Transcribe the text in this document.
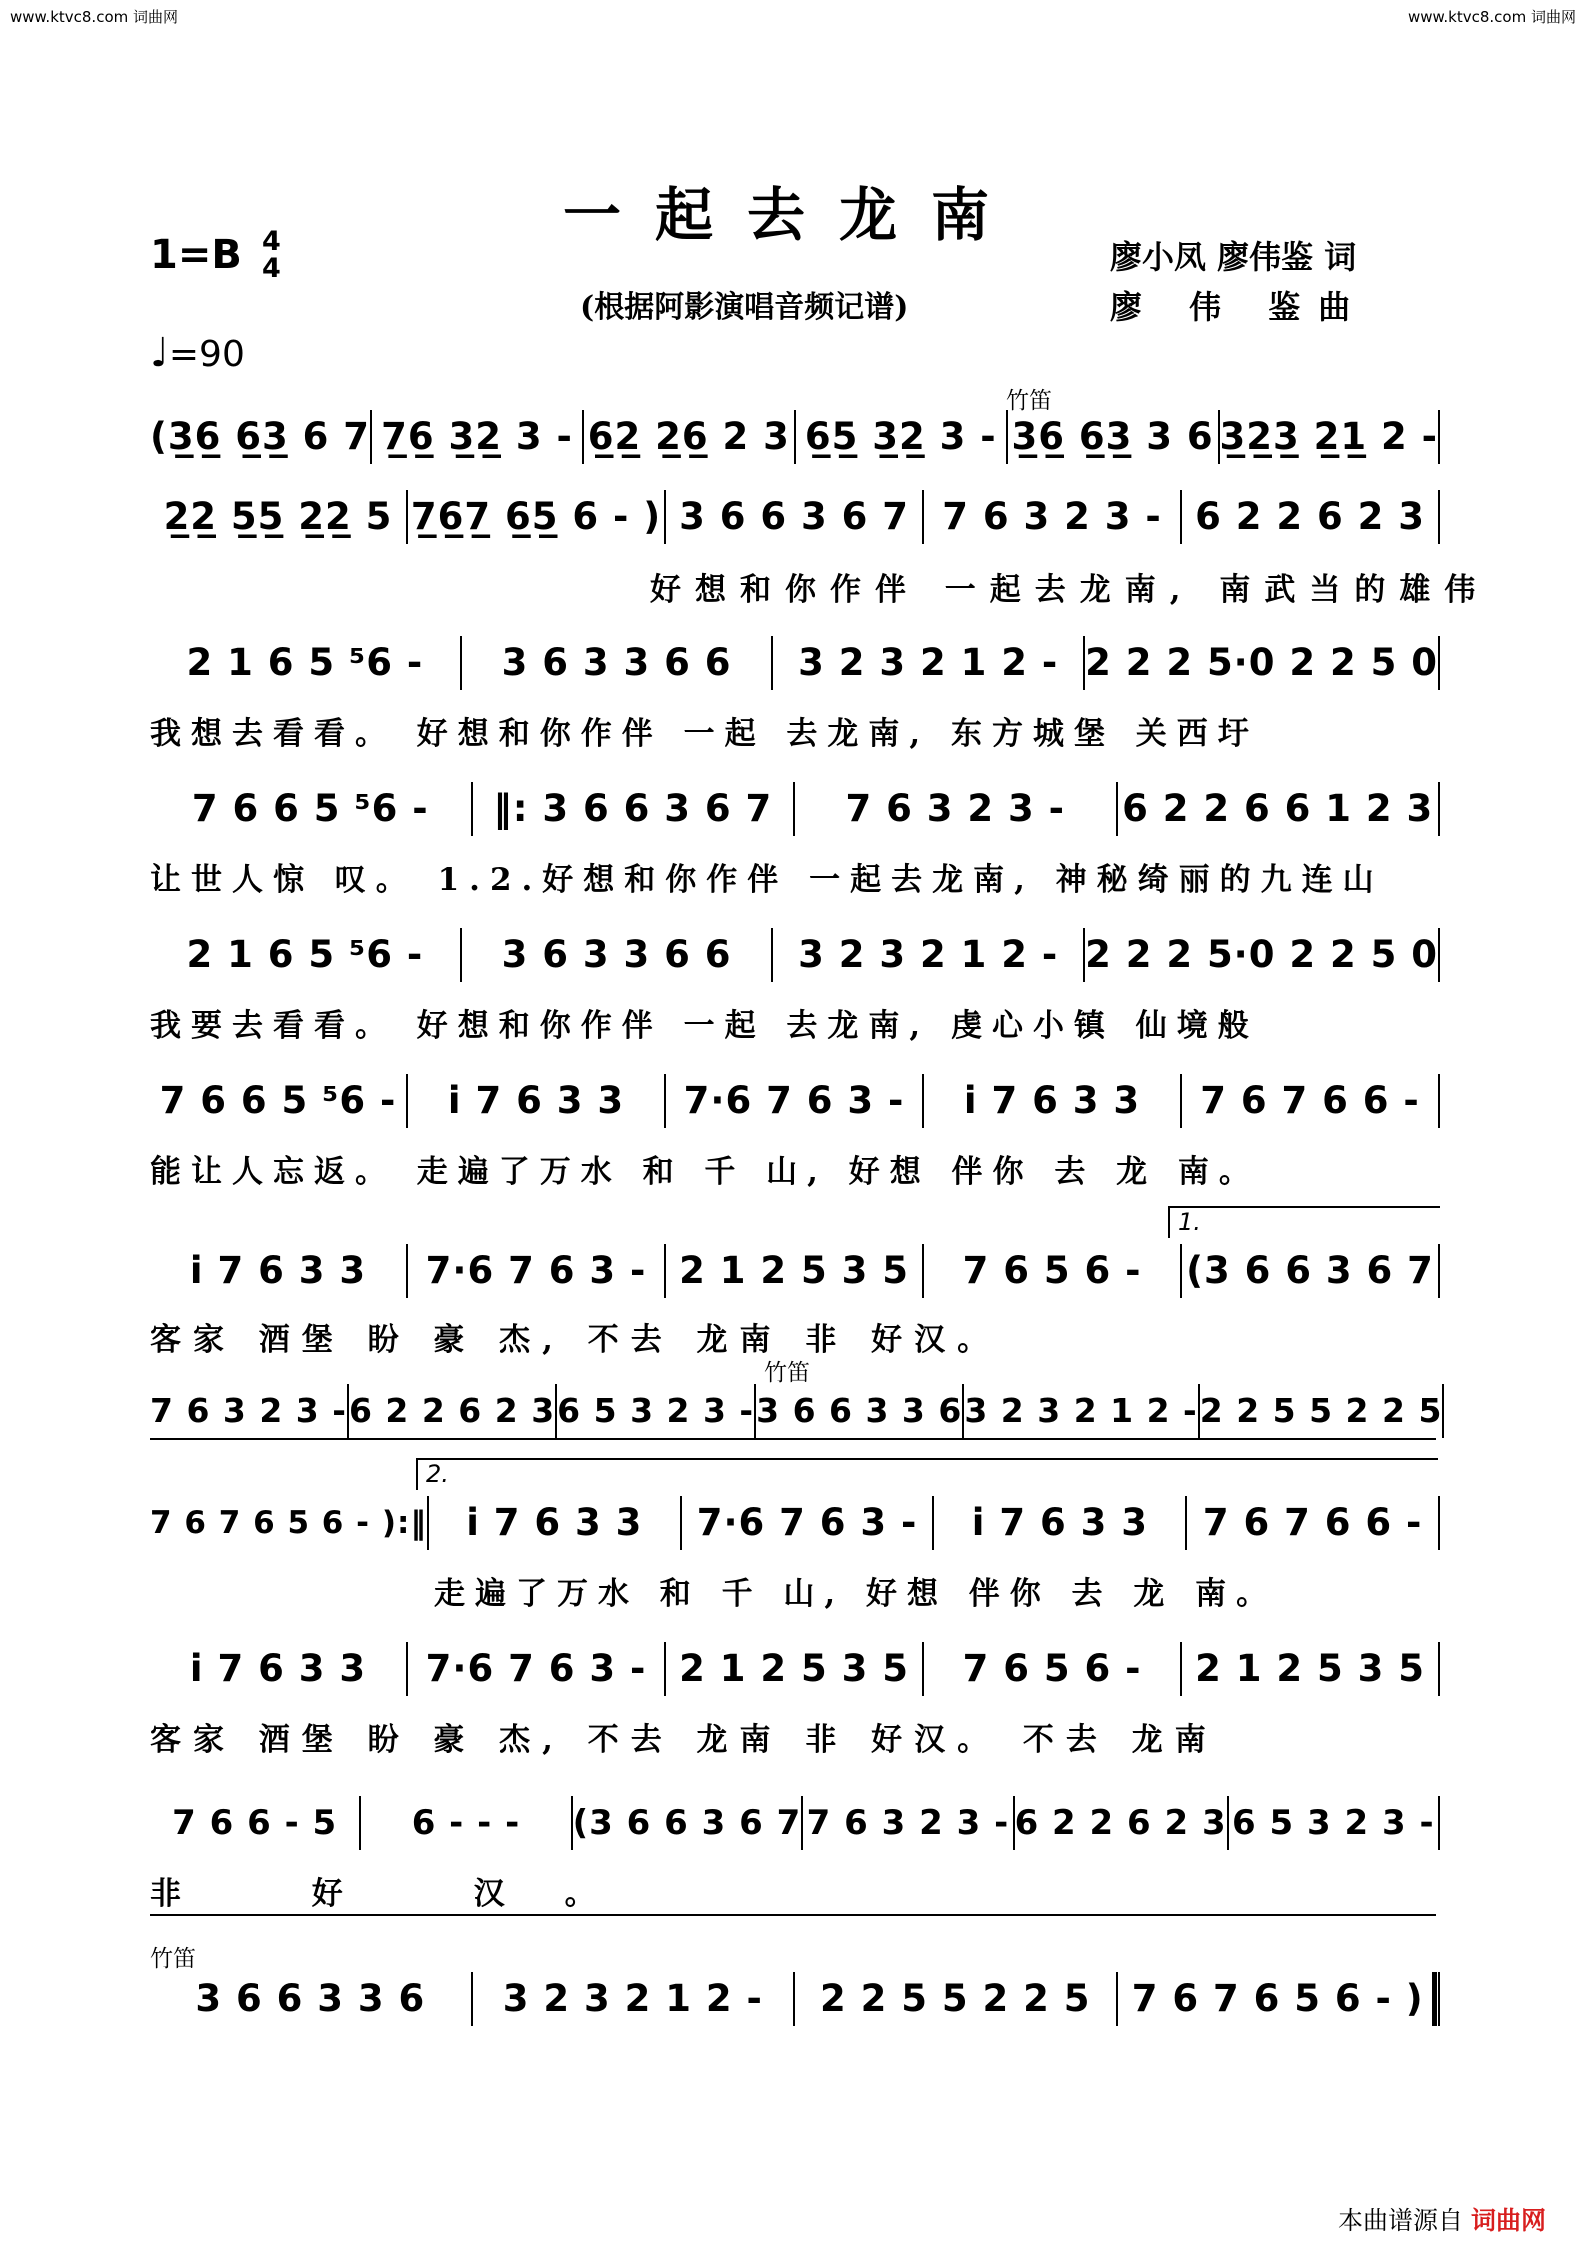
www.ktvc8.com 词曲网	www.ktvc8.com 词曲网
一起去龙南
1=B 4
4	廖小凤 廖伟鉴 词
廖 伟 鉴曲
(根据阿影演唱音频记谱)
♩=90
竹笛
竹笛
竹笛
1.
2.
(3̲6̲ 6̲3̲ 6 7 7̲6̲ 3̲2̲ 3 - 6̲2̲ 2̲6̲ 2 3 6̲5̲ 3̲2̲ 3 - 3̲6̲ 6̲3̲ 3 6 3̲2̲3̲ 2̲1̲ 2 -
2̲2̲ 5̲5̲ 2̲2̲ 5 7̲6̲7̲ 6̲5̲ 6 - ) 3 6 6 3 6 7 7 6 3 2 3 - 6 2 2 6 2 3
好想和你作伴 一起去龙南, 南武当的雄伟
2 1 6 5 ⁵6 -	3 6 3 3 6 6	3 2 3 2 1 2 - 2 2 2 5·0 2 2 5 0
我想去看看。 好想和你作伴 一起 去龙南, 东方城堡 关西圩
7 6 6 5 ⁵6 -	‖: 3 6 6 3 6 7	7 6 3 2 3 -	6 2 2 6 6 1 2 3
让世人惊 叹。 1.2.好想和你作伴 一起去龙南, 神秘绮丽的九连山
2 1 6 5 ⁵6 -	3 6 3 3 6 6	3 2 3 2 1 2 - 2 2 2 5·0 2 2 5 0
我要去看看。 好想和你作伴 一起 去龙南, 虔心小镇 仙境般
7 6 6 5 ⁵6 -	i 7 6 3 3	7·6 7 6 3 -	i 7 6 3 3	7 6 7 6 6 -
能让人忘返。 走遍了万水 和 千 山, 好想 伴你 去 龙 南。
i 7 6 3 3	7·6 7 6 3 - 2 1 2 5 3 5	7 6 5 6 -	(3 6 6 3 6 7
客家 酒堡 盼 豪 杰, 不去 龙南 非 好汉。
7 6 3 2 3 - 6 2 2 6 2 3 6 5 3 2 3 - 3 6 6 3 3 6 3 2 3 2 1 2 - 2 2 5 5 2 2 5
7 6 7 6 5 6 - ):‖	i 7 6 3 3	7·6 7 6 3 -	i 7 6 3 3	7 6 7 6 6 -
走遍了万水 和 千 山, 好想 伴你 去 龙 南。
i 7 6 3 3	7·6 7 6 3 - 2 1 2 5 3 5	7 6 5 6 -	2 1 2 5 3 5
客家 酒堡 盼 豪 杰, 不去 龙南 非 好汉。 不去 龙南
7 6 6 - 5	6 - - -	(3 6 6 3 6 7 7 6 3 2 3 - 6 2 2 6 2 3 6 5 3 2 3 -
非 好 汉。
3 6 6 3 3 6	3 2 3 2 1 2 -	2 2 5 5 2 2 5	7 6 7 6 5 6 - )
本曲谱源自 词曲网
